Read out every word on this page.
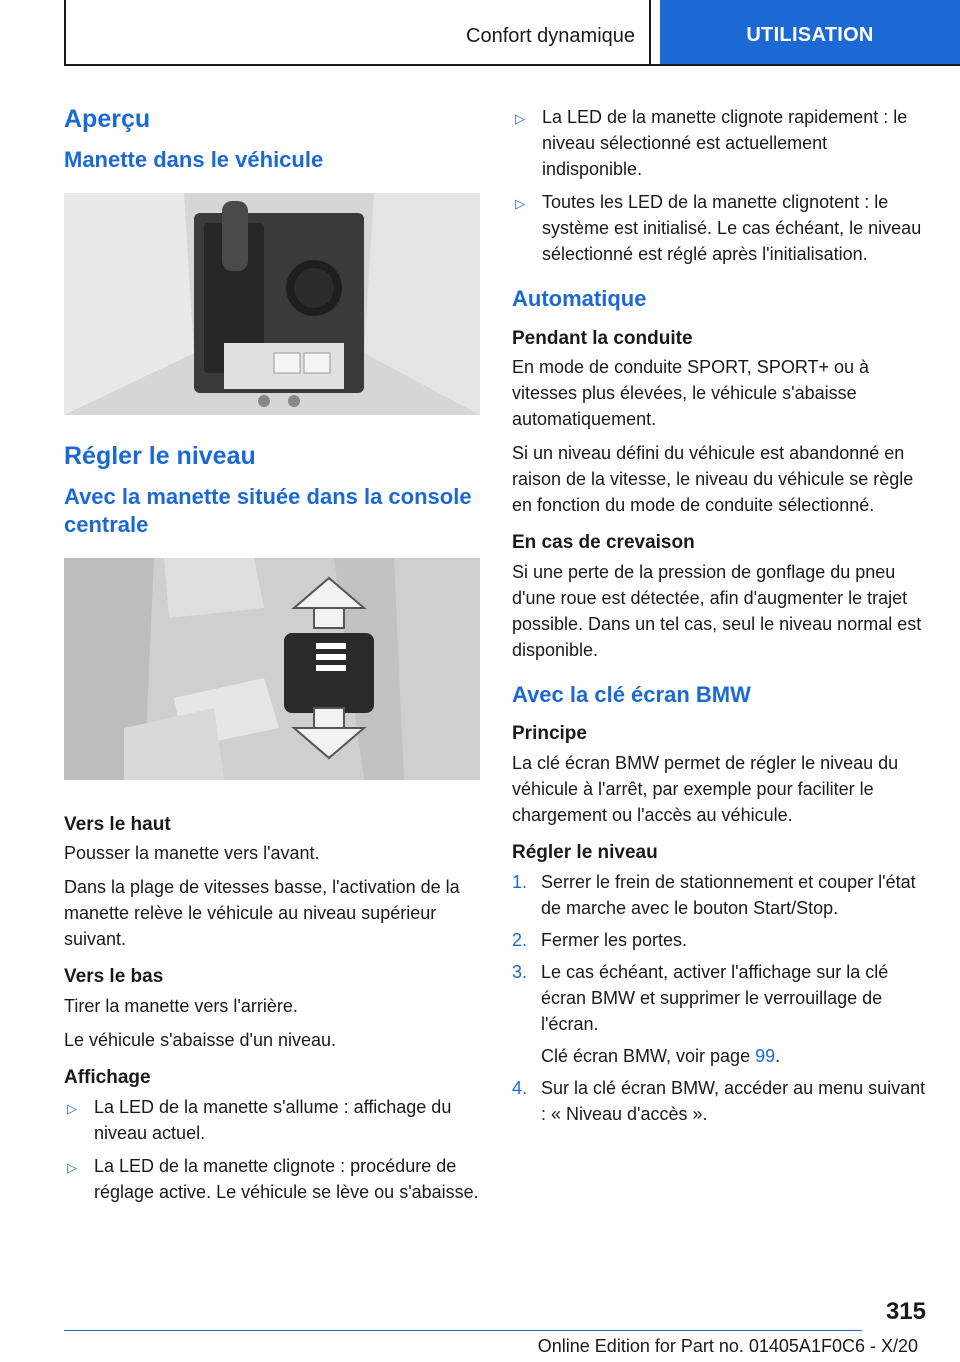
Confort dynamique	UTILISATION
Aperçu
Manette dans le véhicule
Régler le niveau
Avec la manette située dans la console centrale
Vers le haut
Pousser la manette vers l'avant.
Dans la plage de vitesses basse, l'activation de la manette relève le véhicule au niveau supérieur suivant.
Vers le bas
Tirer la manette vers l'arrière.
Le véhicule s'abaisse d'un niveau.
Affichage
▷ La LED de la manette s'allume : affichage du niveau actuel.
▷ La LED de la manette clignote : procédure de réglage active. Le véhicule se lève ou s'abaisse.
▷ La LED de la manette clignote rapidement : le niveau sélectionné est actuellement indisponible.
▷ Toutes les LED de la manette clignotent : le système est initialisé. Le cas échéant, le niveau sélectionné est réglé après l'initialisation.
Automatique
Pendant la conduite
En mode de conduite SPORT, SPORT+ ou à vitesses plus élevées, le véhicule s'abaisse automatiquement.
Si un niveau défini du véhicule est abandonné en raison de la vitesse, le niveau du véhicule se règle en fonction du mode de conduite sélectionné.
En cas de crevaison
Si une perte de la pression de gonflage du pneu d'une roue est détectée, afin d'augmenter le trajet possible. Dans un tel cas, seul le niveau normal est disponible.
Avec la clé écran BMW
Principe
La clé écran BMW permet de régler le niveau du véhicule à l'arrêt, par exemple pour faciliter le chargement ou l'accès au véhicule.
Régler le niveau
1. Serrer le frein de stationnement et couper l'état de marche avec le bouton Start/Stop.
2. Fermer les portes.
3. Le cas échéant, activer l'affichage sur la clé écran BMW et supprimer le verrouillage de l'écran.
Clé écran BMW, voir page 99.
4. Sur la clé écran BMW, accéder au menu suivant : « Niveau d'accès ».
315
Online Edition for Part no. 01405A1F0C6 - X/20
